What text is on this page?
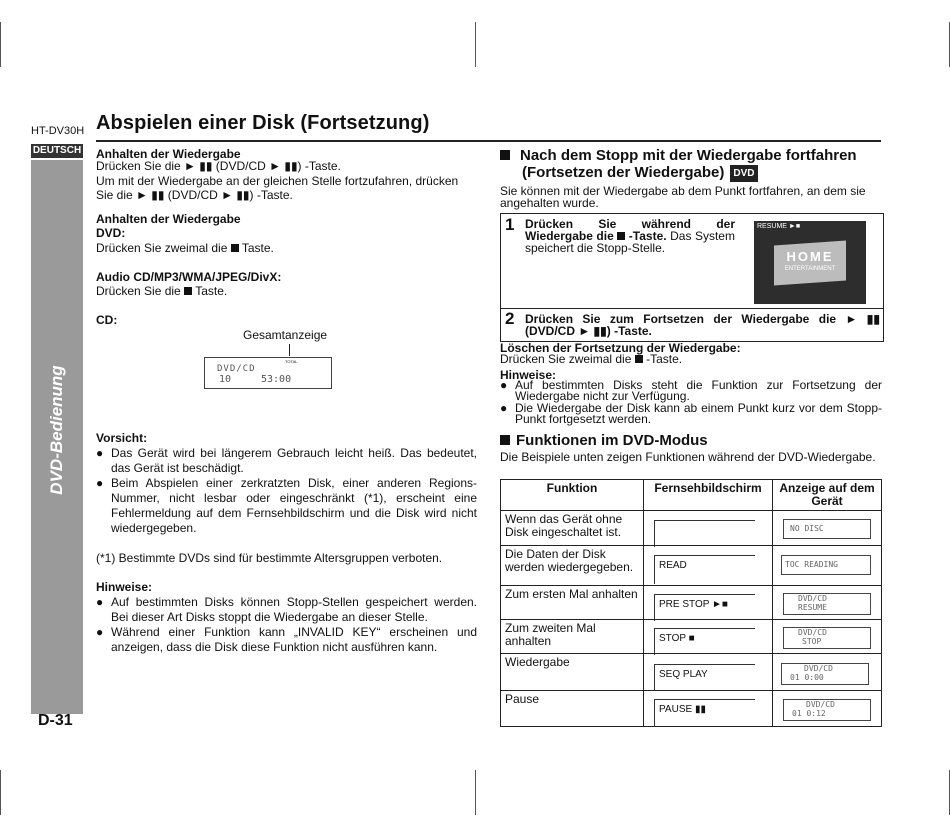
HT-DV30H Abspielen einer Disk (Fortsetzung)
DEUTSCH
DVD-Bedienung
D-31
Anhalten der Wiedergabe
Drücken Sie die ► ▮▮ (DVD/CD ► ▮▮) -Taste.
Um mit der Wiedergabe an der gleichen Stelle fortzufahren, drücken
Sie die ► ▮▮ (DVD/CD ► ▮▮) -Taste.
Anhalten der Wiedergabe
DVD:
Drücken Sie zweimal die Taste.
Audio CD/MP3/WMA/JPEG/DivX:
Drücken Sie die Taste.
CD:
Gesamtanzeige
TOTAL
DVD/CD
10	53:00
Vorsicht:
● Das Gerät wird bei längerem Gebrauch leicht heiß. Das bedeutet, das Gerät ist beschädigt.
● Beim Abspielen einer zerkratzten Disk, einer anderen Regions-Nummer, nicht lesbar oder eingeschränkt (*1), erscheint eine Fehlermeldung auf dem Fernsehbildschirm und die Disk wird nicht wiedergegeben.
(*1) Bestimmte DVDs sind für bestimmte Altersgruppen verboten.
Hinweise:
● Auf bestimmten Disks können Stopp-Stellen gespeichert werden. Bei dieser Art Disks stoppt die Wiedergabe an dieser Stelle.
● Während einer Funktion kann „INVALID KEY“ erscheinen und anzeigen, dass die Disk diese Funktion nicht ausführen kann.
Nach dem Stopp mit der Wiedergabe fortfahren
(Fortsetzen der Wiedergabe) DVD
Sie können mit der Wiedergabe ab dem Punkt fortfahren, an dem sie angehalten wurde.
1 Drücken Sie während der Wiedergabe die -Taste. Das System speichert die Stopp-Stelle.
RESUME ►■
HOME
ENTERTAINMENT
2 Drücken Sie zum Fortsetzen der Wiedergabe die ► ▮▮ (DVD/CD ► ▮▮) -Taste.
Löschen der Fortsetzung der Wiedergabe:
Drücken Sie zweimal die -Taste.
Hinweise:
● Auf bestimmten Disks steht die Funktion zur Fortsetzung der Wiedergabe nicht zur Verfügung.
● Die Wiedergabe der Disk kann ab einem Punkt kurz vor dem Stopp-Punkt fortgesetzt werden.
Funktionen im DVD-Modus
Die Beispiele unten zeigen Funktionen während der DVD-Wiedergabe.
Funktion	Fernsehbildschirm	Anzeige auf dem Gerät
Wenn das Gerät ohne Disk eingeschaltet ist.		NO DISC

Die Daten der Disk werden wiedergegeben.	READ	TOC READING

Zum ersten Mal anhalten	PRE STOP ►■	DVD/CD
RESUME

Zum zweiten Mal anhalten	STOP ■	DVD/CD
STOP

Wiedergabe	SEQ PLAY	DVD/CD
01 0:00

Pause	PAUSE ▮▮	DVD/CD
01 0:12
